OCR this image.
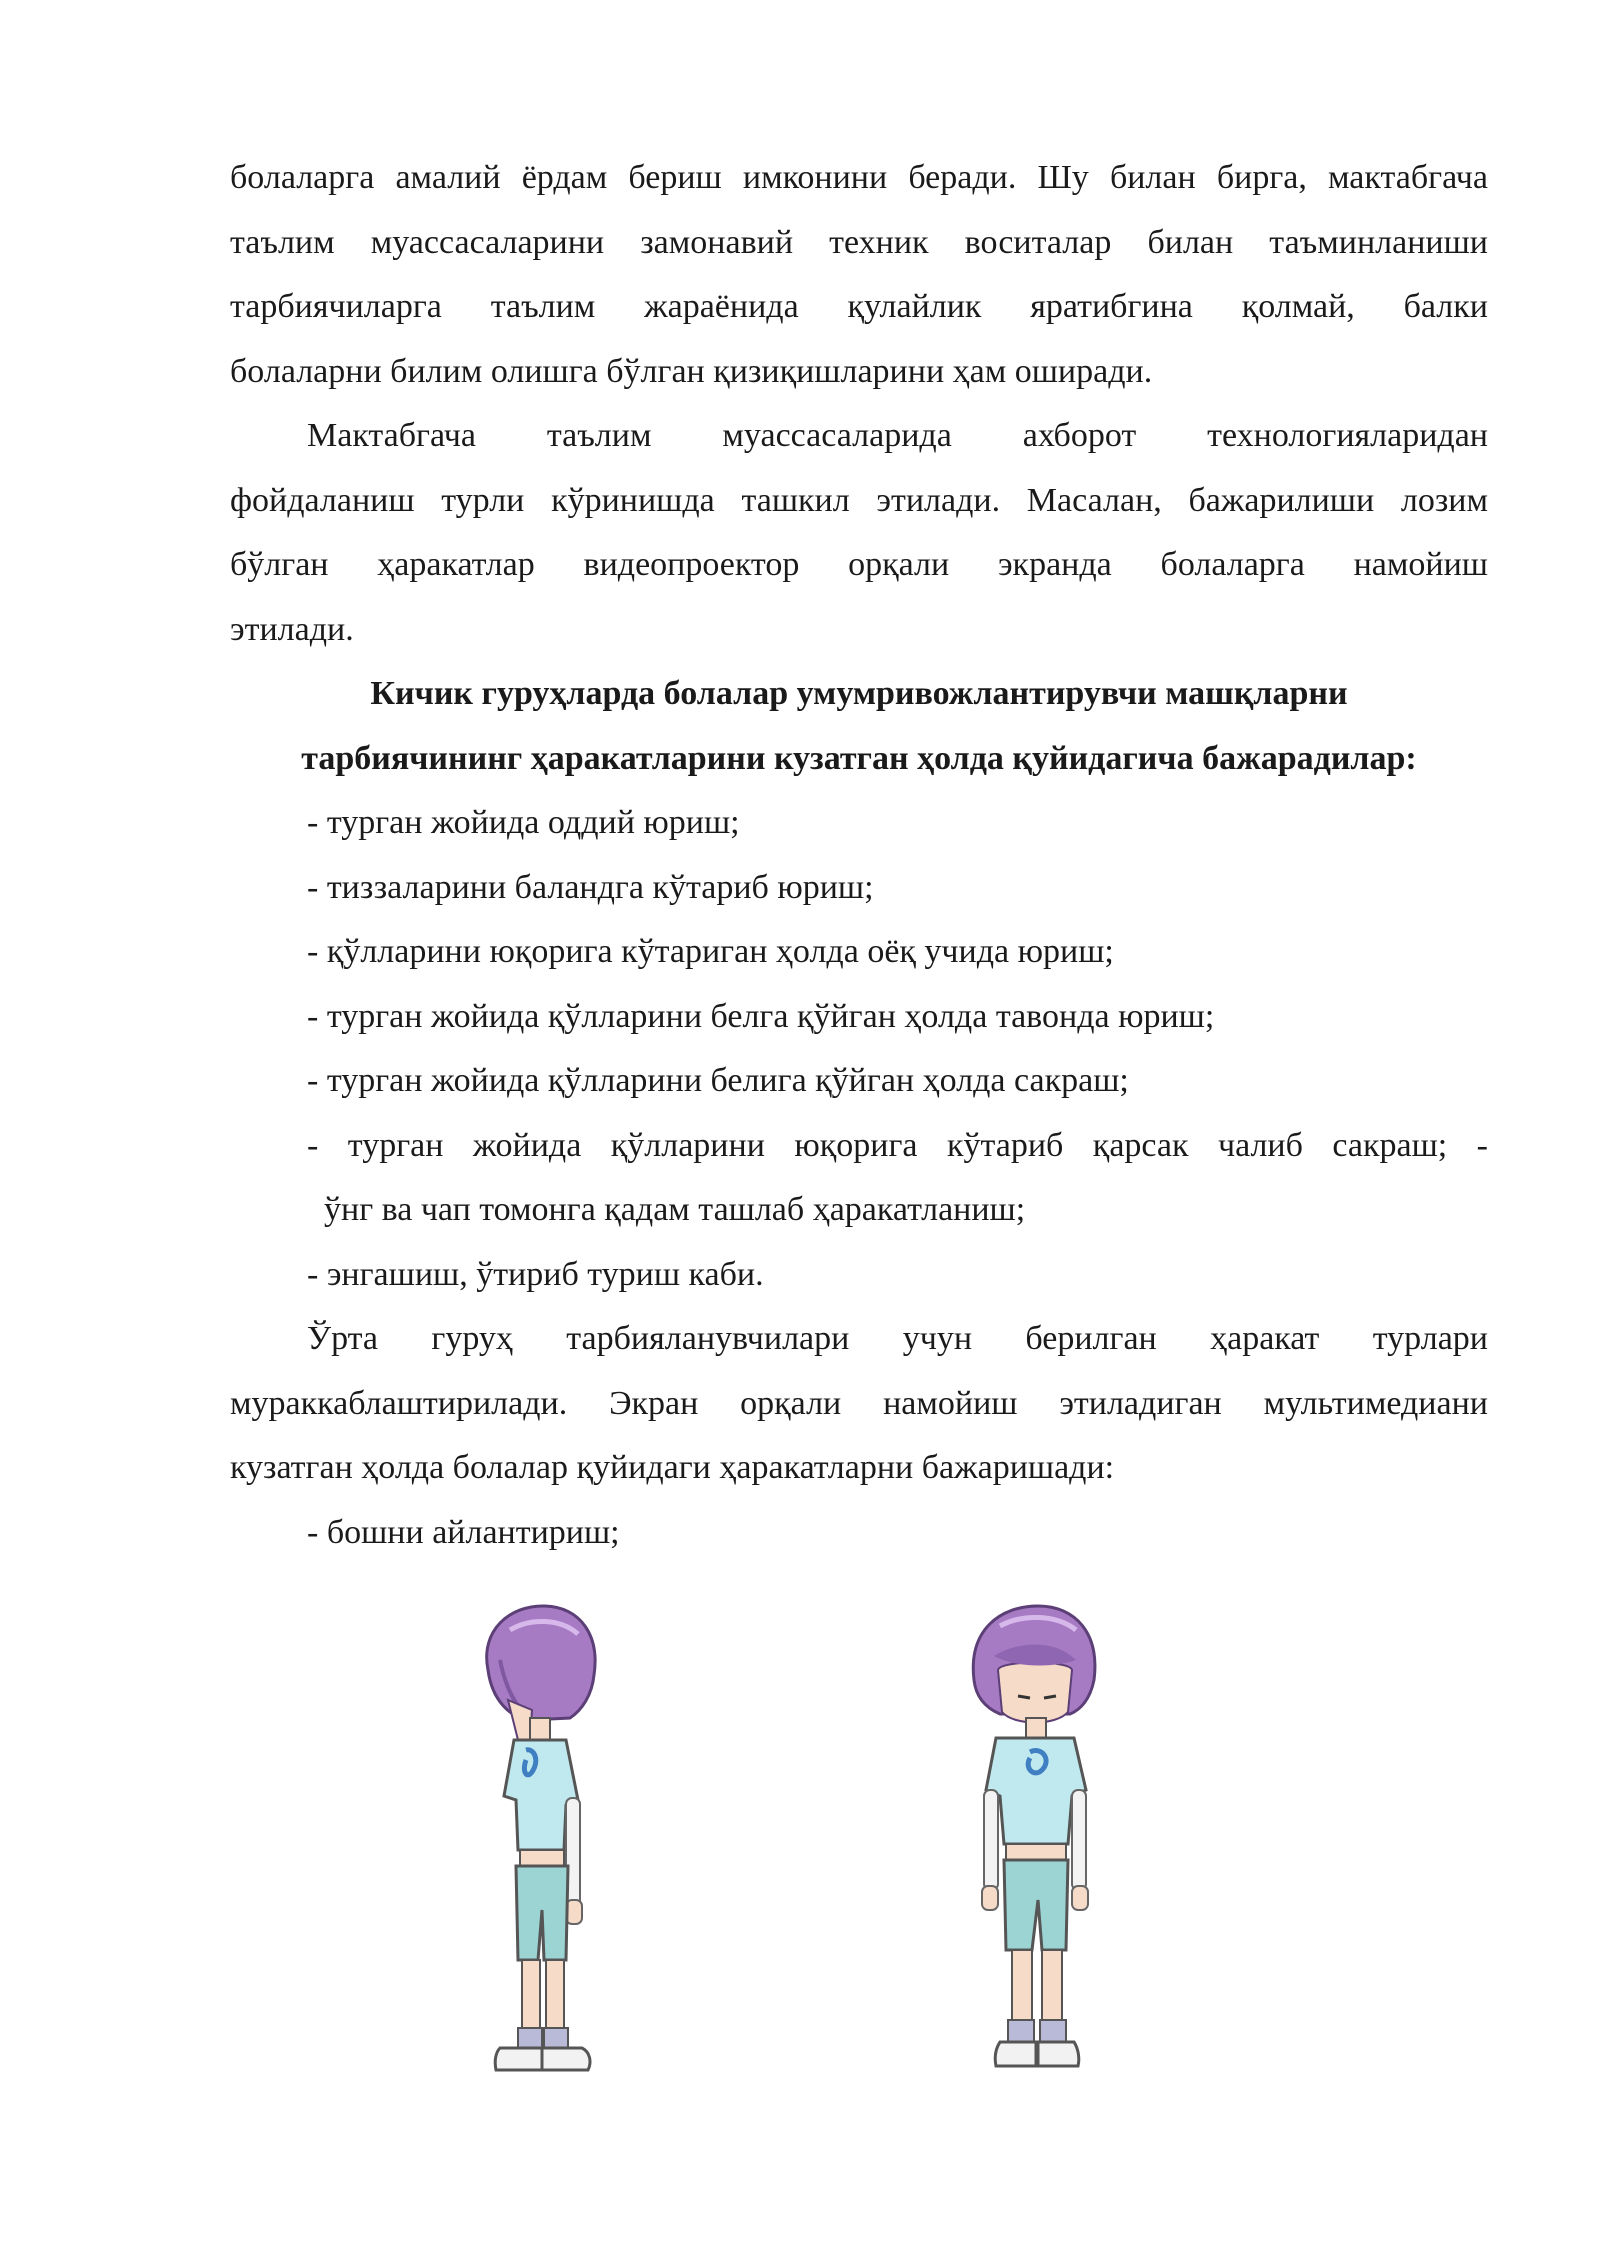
болаларга амалий ёрдам бериш имконини беради. Шу билан бирга, мактабгача
таълим муассасаларини замонавий техник воситалар билан таъминланиши
тарбиячиларга таълим жараёнида қулайлик яратибгина қолмай, балки
болаларни билим олишга бўлган қизиқишларини ҳам оширади.
Мактабгача таълим муассасаларида ахборот технологияларидан
фойдаланиш турли кўринишда ташкил этилади. Масалан, бажарилиши лозим
бўлган ҳаракатлар видеопроектор орқали экранда болаларга намойиш
этилади.
Кичик гуруҳларда болалар умумривожлантирувчи машқларни
тарбиячининг ҳаракатларини кузатган ҳолда қуйидагича бажарадилар:
- турган жойида оддий юриш;
- тиззаларини баландга кўтариб юриш;
- қўлларини юқорига кўтариган ҳолда оёқ учида юриш;
- турган жойида қўлларини белга қўйган ҳолда тавонда юриш;
- турган жойида қўлларини белига қўйган ҳолда сакраш;
- турган жойида қўлларини юқорига кўтариб қарсак чалиб сакраш; -
ўнг ва чап томонга қадам ташлаб ҳаракатланиш;
- энгашиш, ўтириб туриш каби.
Ўрта гуруҳ тарбияланувчилари учун берилган ҳаракат турлари
мураккаблаштирилади. Экран орқали намойиш этиладиган мультимедиани
кузатган ҳолда болалар қуйидаги ҳаракатларни бажаришади:
- бошни айлантириш;
